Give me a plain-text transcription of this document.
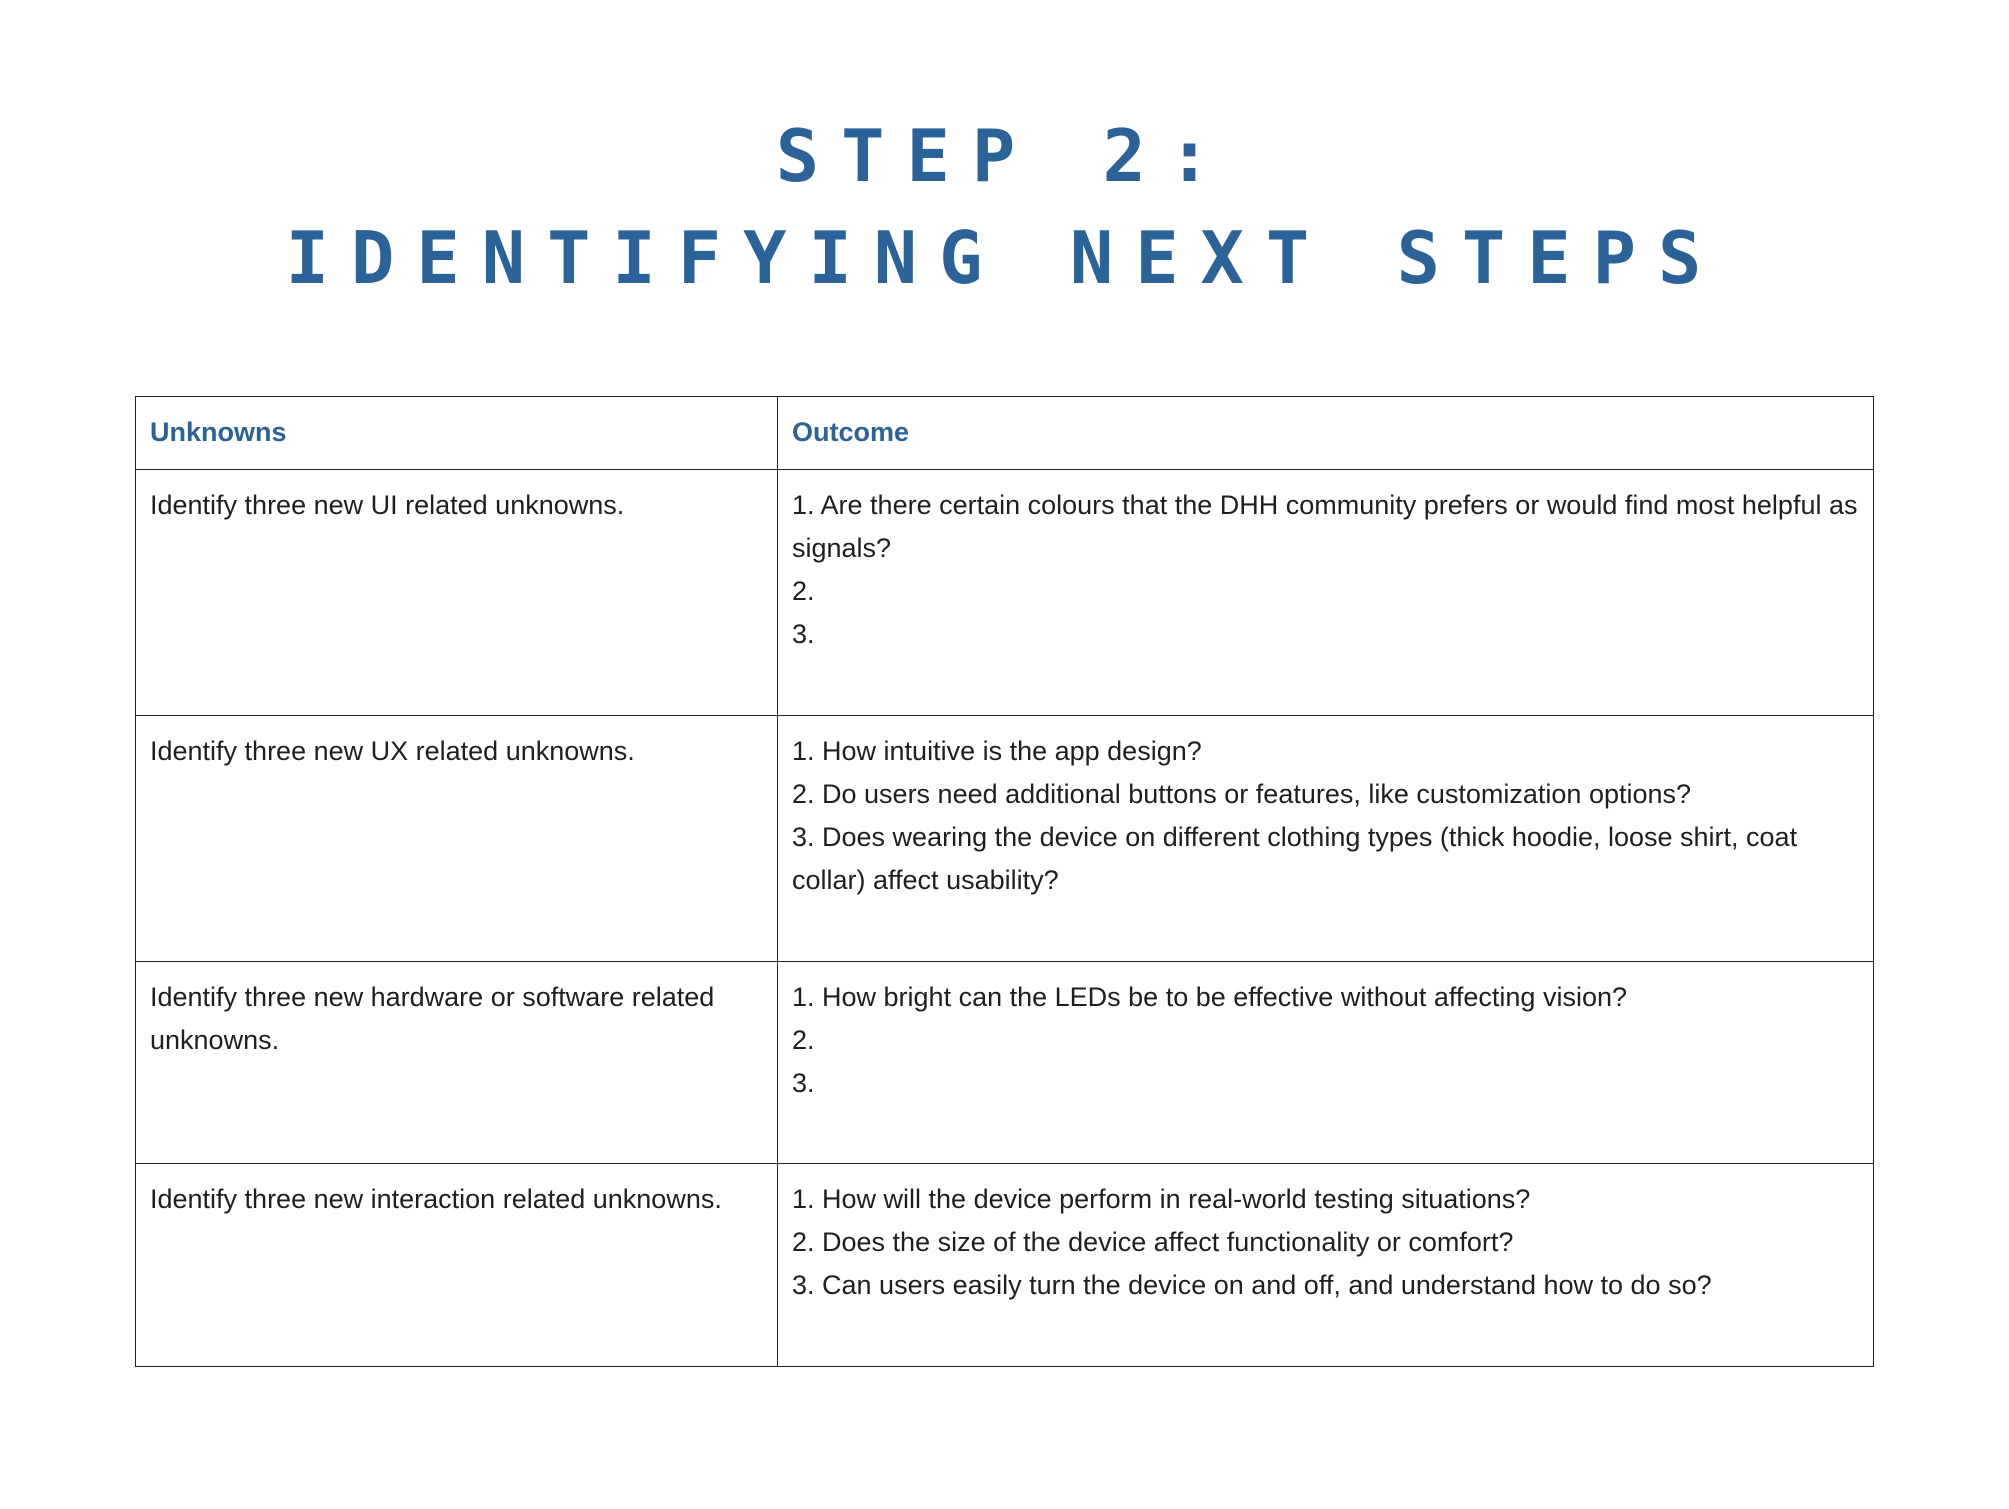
STEP 2:
IDENTIFYING NEXT STEPS
Unknowns	Outcome
Identify three new UI related unknowns.	1. Are there certain colours that the DHH community prefers or would find most helpful as signals?
2.
3.

Identify three new UX related unknowns.	1. How intuitive is the app design?
2. Do users need additional buttons or features, like customization options?
3. Does wearing the device on different clothing types (thick hoodie, loose shirt, coat collar) affect usability?

Identify three new hardware or software related unknowns.	1. How bright can the LEDs be to be effective without affecting vision?
2.
3.

Identify three new interaction related unknowns.	1. How will the device perform in real-world testing situations?
2. Does the size of the device affect functionality or comfort?
3. Can users easily turn the device on and off, and understand how to do so?
